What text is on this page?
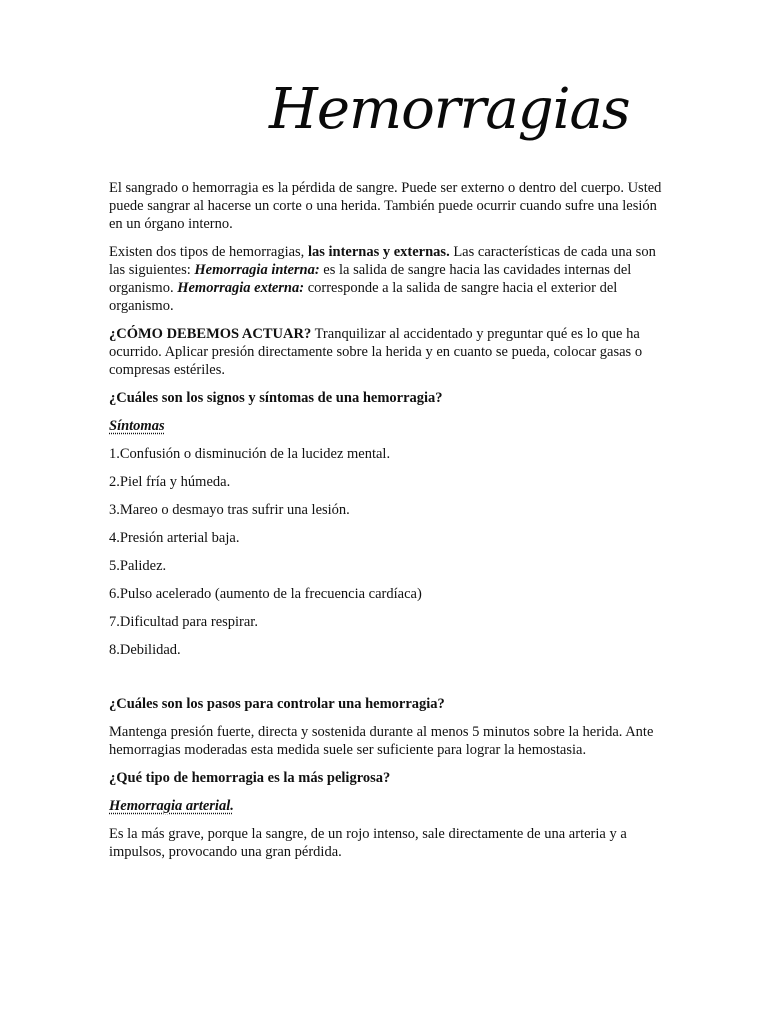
Hemorragias

El sangrado o hemorragia es la pérdida de sangre. Puede ser externo o dentro del cuerpo. Usted puede sangrar al hacerse un corte o una herida. También puede ocurrir cuando sufre una lesión en un órgano interno.

Existen dos tipos de hemorragias, las internas y externas. Las características de cada una son las siguientes: Hemorragia interna: es la salida de sangre hacia las cavidades internas del organismo. Hemorragia externa: corresponde a la salida de sangre hacia el exterior del organismo.

¿CÓMO DEBEMOS ACTUAR? Tranquilizar al accidentado y preguntar qué es lo que ha ocurrido. Aplicar presión directamente sobre la herida y en cuanto se pueda, colocar gasas o compresas estériles.

¿Cuáles son los signos y síntomas de una hemorragia?

Síntomas

1.Confusión o disminución de la lucidez mental.

2.Piel fría y húmeda.

3.Mareo o desmayo tras sufrir una lesión.

4.Presión arterial baja.

5.Palidez.

6.Pulso acelerado (aumento de la frecuencia cardíaca)

7.Dificultad para respirar.

8.Debilidad.

¿Cuáles son los pasos para controlar una hemorragia?

Mantenga presión fuerte, directa y sostenida durante al menos 5 minutos sobre la herida. Ante hemorragias moderadas esta medida suele ser suficiente para lograr la hemostasia.

¿Qué tipo de hemorragia es la más peligrosa?

Hemorragia arterial.

Es la más grave, porque la sangre, de un rojo intenso, sale directamente de una arteria y a impulsos, provocando una gran pérdida.
